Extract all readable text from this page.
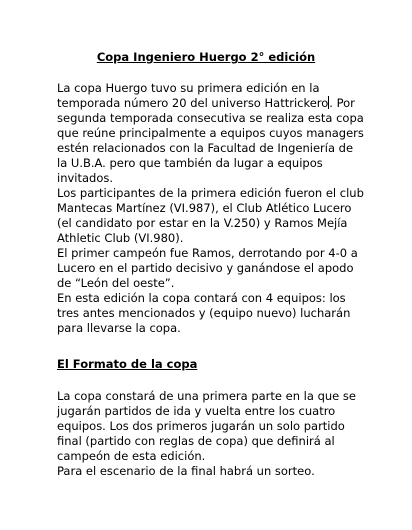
Copa Ingeniero Huergo 2° edición
La copa Huergo tuvo su primera edición en la
temporada número 20 del universo Hattrickero. Por
segunda temporada consecutiva se realiza esta copa
que reúne principalmente a equipos cuyos managers
estén relacionados con la Facultad de Ingeniería de
la U.B.A. pero que también da lugar a equipos
invitados.
Los participantes de la primera edición fueron el club
Mantecas Martínez (VI.987), el Club Atlético Lucero
(el candidato por estar en la V.250) y Ramos Mejía
Athletic Club (VI.980).
El primer campeón fue Ramos, derrotando por 4-0 a
Lucero en el partido decisivo y ganándose el apodo
de “León del oeste”.
En esta edición la copa contará con 4 equipos: los
tres antes mencionados y (equipo nuevo) lucharán
para llevarse la copa.
El Formato de la copa
La copa constará de una primera parte en la que se
jugarán partidos de ida y vuelta entre los cuatro
equipos. Los dos primeros jugarán un solo partido
final (partido con reglas de copa) que definirá al
campeón de esta edición.
Para el escenario de la final habrá un sorteo.
